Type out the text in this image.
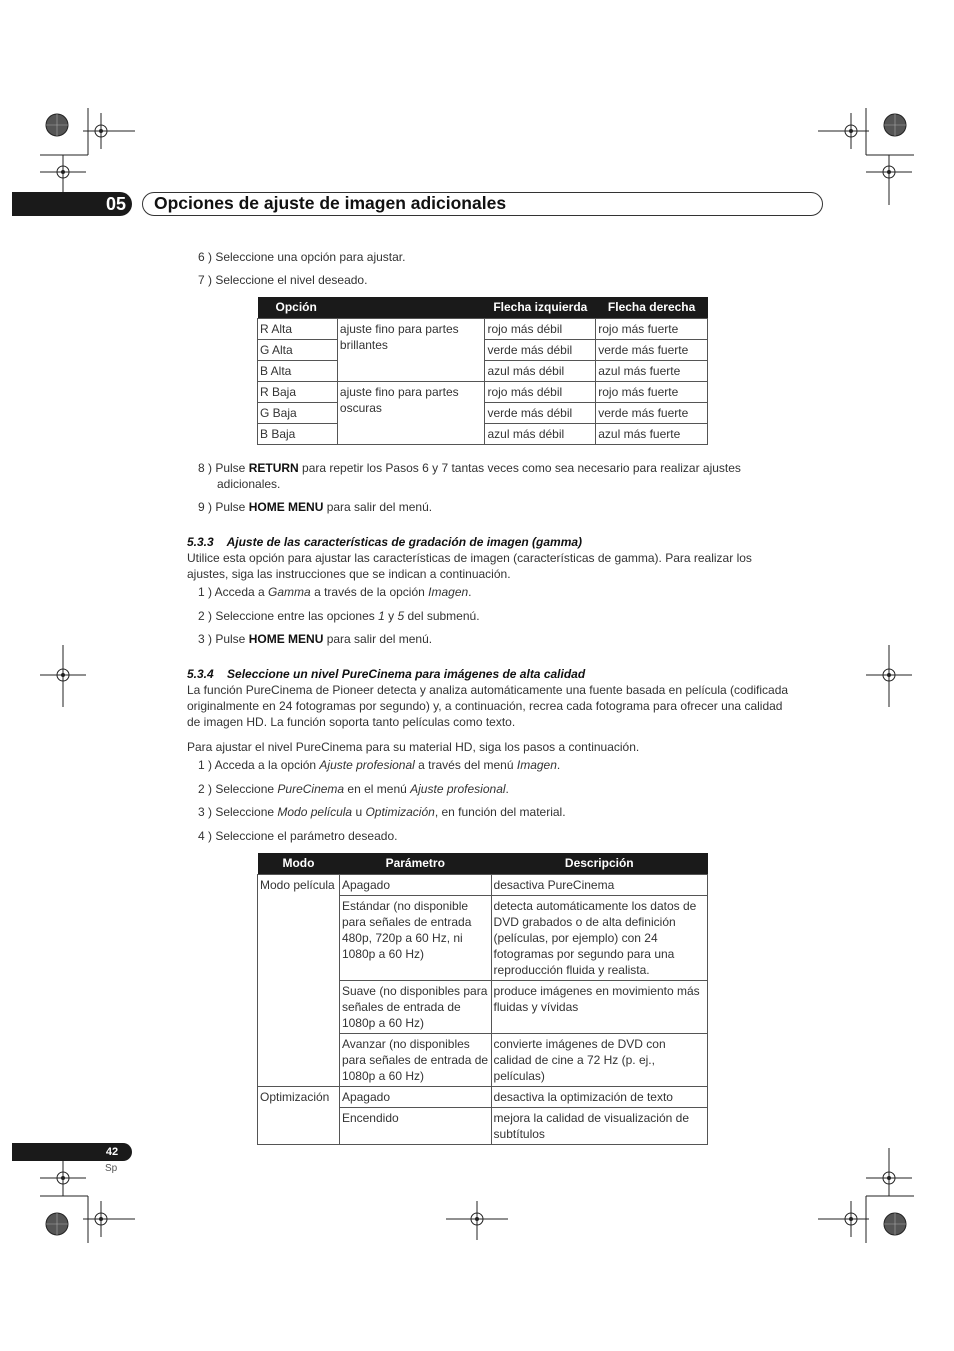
05	Opciones de ajuste de imagen adicionales
6 ) Seleccione una opción para ajustar.
7 ) Seleccione el nivel deseado.
Opción		Flecha izquierda	Flecha derecha
R Alta	ajuste fino para partes brillantes	rojo más débil	rojo más fuerte
G Alta		verde más débil	verde más fuerte
B Alta		azul más débil	azul más fuerte
R Baja	ajuste fino para partes oscuras	rojo más débil	rojo más fuerte
G Baja		verde más débil	verde más fuerte
B Baja		azul más débil	azul más fuerte
8 ) Pulse RETURN para repetir los Pasos 6 y 7 tantas veces como sea necesario para realizar ajustes
adicionales.
9 ) Pulse HOME MENU para salir del menú.
5.3.3    Ajuste de las características de gradación de imagen (gamma)
Utilice esta opción para ajustar las características de imagen (características de gamma). Para realizar los
ajustes, siga las instrucciones que se indican a continuación.
1 ) Acceda a Gamma a través de la opción Imagen.
2 ) Seleccione entre las opciones 1 y 5 del submenú.
3 ) Pulse HOME MENU para salir del menú.
5.3.4    Seleccione un nivel PureCinema para imágenes de alta calidad
La función PureCinema de Pioneer detecta y analiza automáticamente una fuente basada en película (codificada
originalmente en 24 fotogramas por segundo) y, a continuación, recrea cada fotograma para ofrecer una calidad
de imagen HD. La función soporta tanto películas como texto.
Para ajustar el nivel PureCinema para su material HD, siga los pasos a continuación.
1 ) Acceda a la opción Ajuste profesional a través del menú Imagen.
2 ) Seleccione PureCinema en el menú Ajuste profesional.
3 ) Seleccione Modo película u Optimización, en función del material.
4 ) Seleccione el parámetro deseado.
Modo	Parámetro	Descripción
Modo película	Apagado	desactiva PureCinema
	Estándar (no disponible para señales de entrada 480p, 720p a 60 Hz, ni 1080p a 60 Hz)	detecta automáticamente los datos de DVD grabados o de alta definición (películas, por ejemplo) con 24 fotogramas por segundo para una reproducción fluida y realista.
	Suave (no disponibles para señales de entrada de 1080p a 60 Hz)	produce imágenes en movimiento más fluidas y vívidas
	Avanzar (no disponibles para señales de entrada de 1080p a 60 Hz)	convierte imágenes de DVD con calidad de cine a 72 Hz (p. ej., películas)
Optimización	Apagado	desactiva la optimización de texto
	Encendido	mejora la calidad de visualización de subtítulos
42
Sp
